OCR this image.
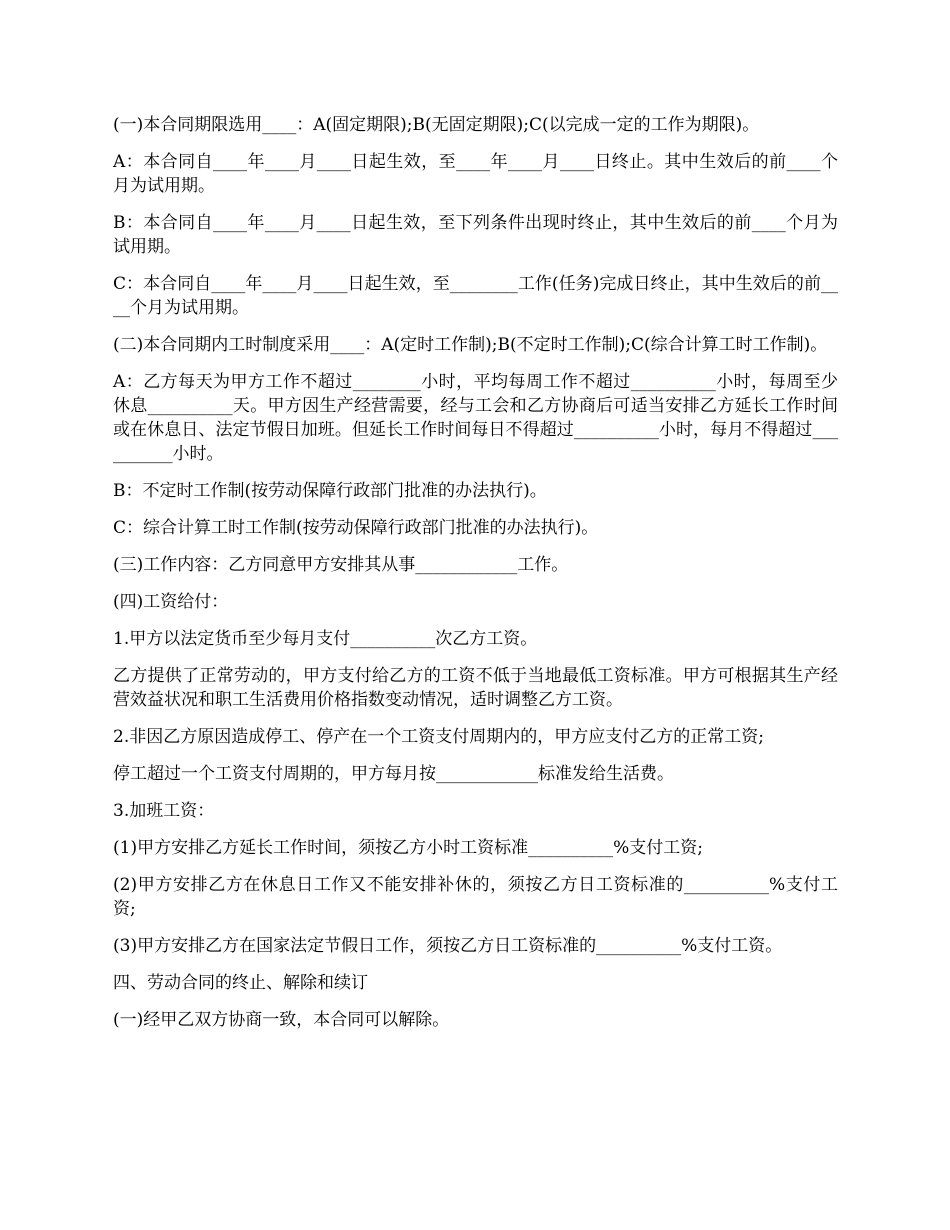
(一)本合同期限选用____：A(固定期限);B(无固定期限);C(以完成一定的工作为期限)。

A：本合同自____年____月____日起生效，至____年____月____日终止。其中生效后的前____个月为试用期。

B：本合同自____年____月____日起生效，至下列条件出现时终止，其中生效后的前____个月为试用期。

C：本合同自____年____月____日起生效，至________工作(任务)完成日终止，其中生效后的前____个月为试用期。

(二)本合同期内工时制度采用____：A(定时工作制);B(不定时工作制);C(综合计算工时工作制)。

A：乙方每天为甲方工作不超过________小时，平均每周工作不超过__________小时，每周至少休息__________天。甲方因生产经营需要，经与工会和乙方协商后可适当安排乙方延长工作时间或在休息日、法定节假日加班。但延长工作时间每日不得超过__________小时，每月不得超过__________小时。

B：不定时工作制(按劳动保障行政部门批准的办法执行)。

C：综合计算工时工作制(按劳动保障行政部门批准的办法执行)。

(三)工作内容：乙方同意甲方安排其从事____________工作。

(四)工资给付：

1.甲方以法定货币至少每月支付__________次乙方工资。

乙方提供了正常劳动的，甲方支付给乙方的工资不低于当地最低工资标准。甲方可根据其生产经营效益状况和职工生活费用价格指数变动情况，适时调整乙方工资。

2.非因乙方原因造成停工、停产在一个工资支付周期内的，甲方应支付乙方的正常工资;

停工超过一个工资支付周期的，甲方每月按____________标准发给生活费。

3.加班工资：

(1)甲方安排乙方延长工作时间，须按乙方小时工资标准__________%支付工资;

(2)甲方安排乙方在休息日工作又不能安排补休的，须按乙方日工资标准的__________%支付工资;

(3)甲方安排乙方在国家法定节假日工作，须按乙方日工资标准的__________%支付工资。

四、劳动合同的终止、解除和续订

(一)经甲乙双方协商一致，本合同可以解除。
